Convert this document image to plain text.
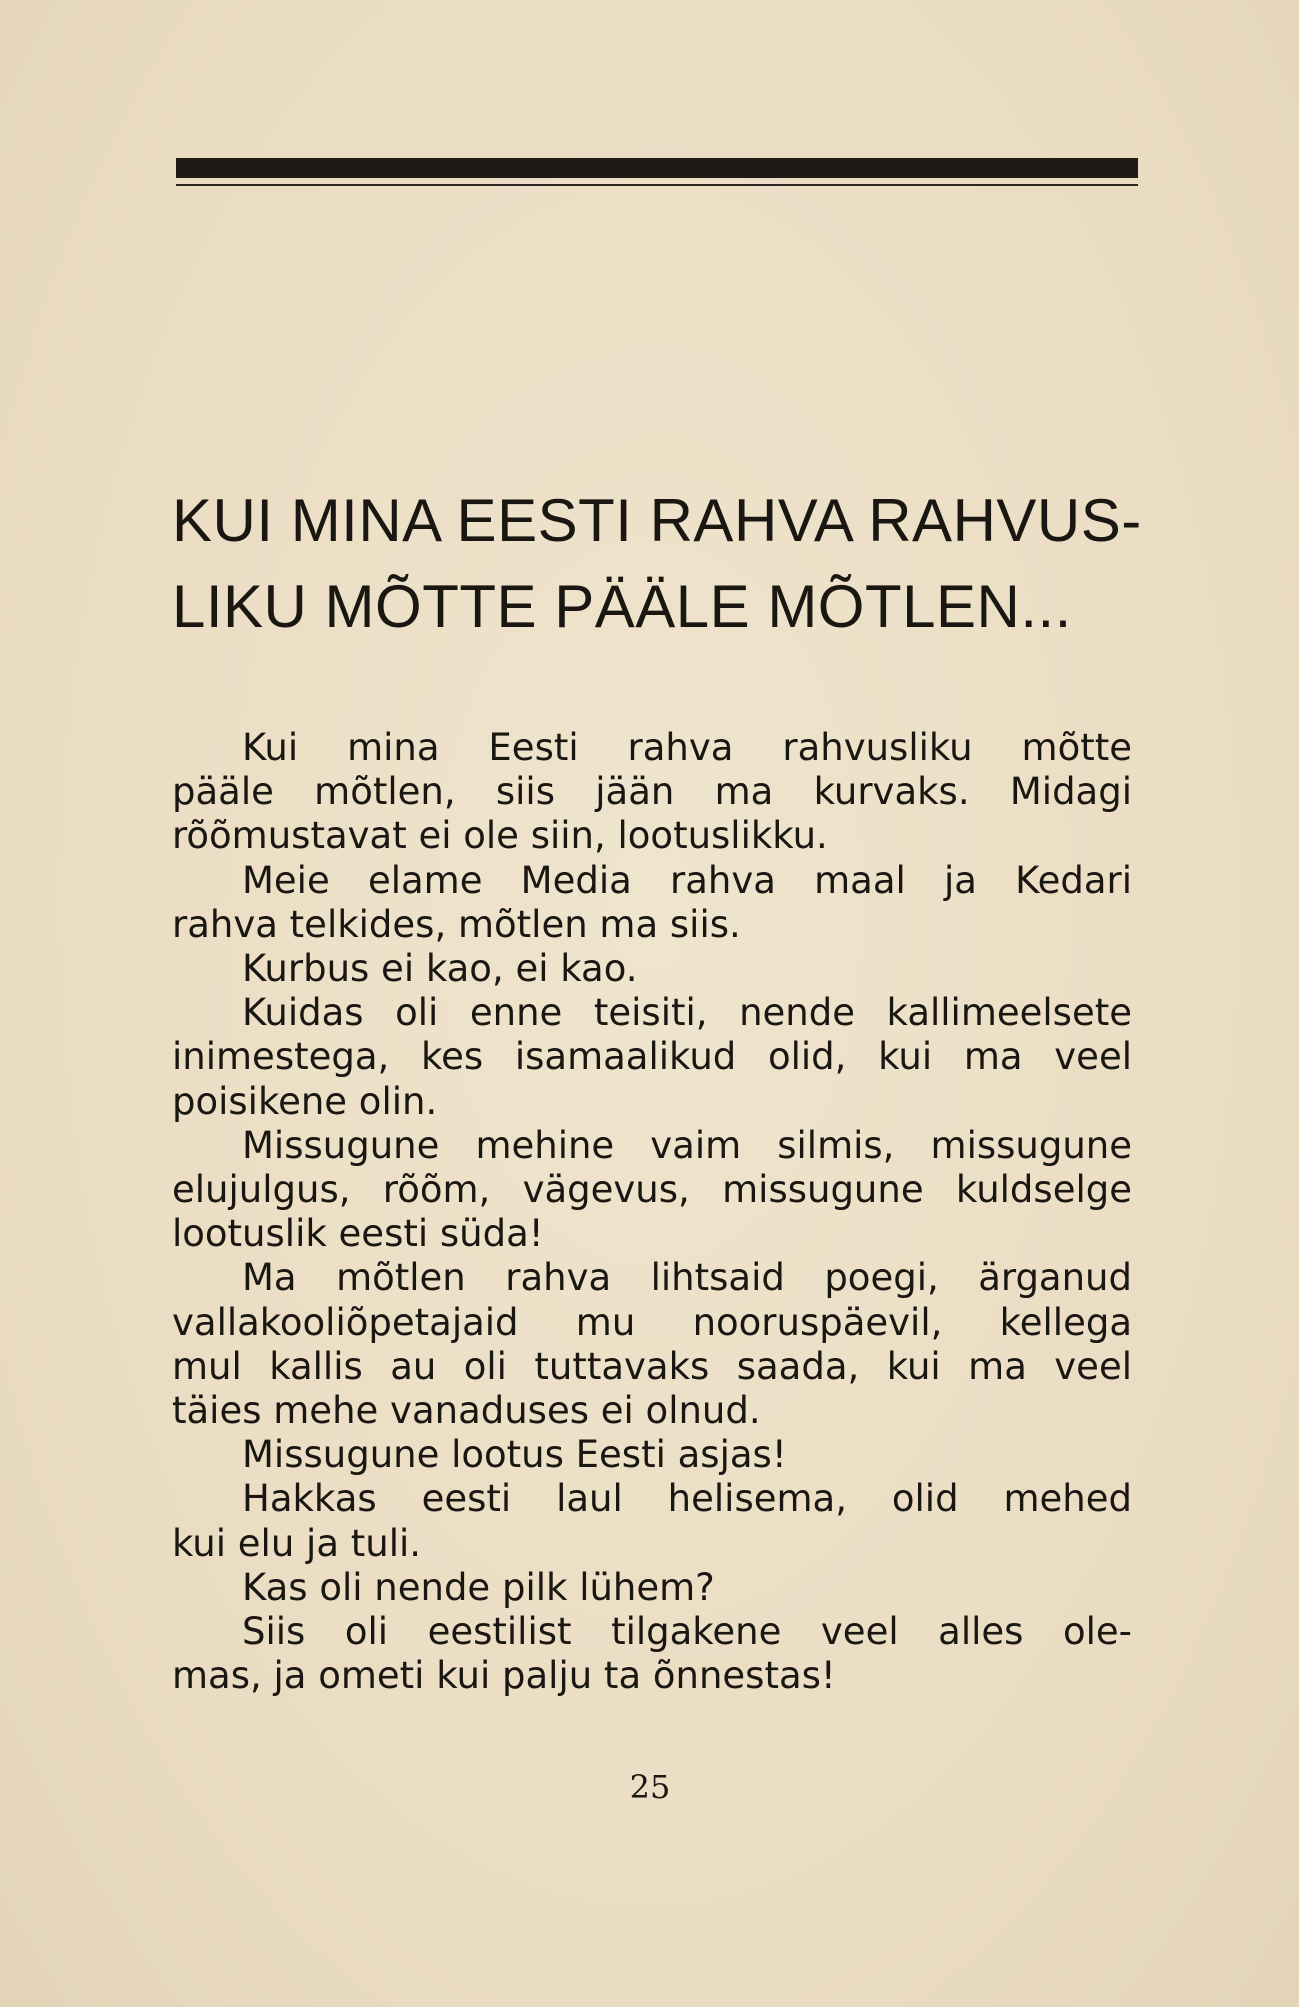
KUI MINA EESTI RAHVA RAHVUS-
LIKU MÕTTE PÄÄLE MÕTLEN...

Kui mina Eesti rahva rahvusliku mõtte
pääle mõtlen, siis jään ma kurvaks. Midagi
rõõmustavat ei ole siin, lootuslikku.

Meie elame Media rahva maal ja Kedari
rahva telkides, mõtlen ma siis.

Kurbus ei kao, ei kao.

Kuidas oli enne teisiti, nende kallimeelsete
inimestega, kes isamaalikud olid, kui ma veel
poisikene olin.

Missugune mehine vaim silmis, missugune
elujulgus, rõõm, vägevus, missugune kuldselge
lootuslik eesti süda!

Ma mõtlen rahva lihtsaid poegi, ärganud
vallakooliõpetajaid mu nooruspäevil, kellega
mul kallis au oli tuttavaks saada, kui ma veel
täies mehe vanaduses ei olnud.

Missugune lootus Eesti asjas!

Hakkas eesti laul helisema, olid mehed
kui elu ja tuli.

Kas oli nende pilk lühem?

Siis oli eestilist tilgakene veel alles ole-
mas, ja ometi kui palju ta õnnestas!

25
